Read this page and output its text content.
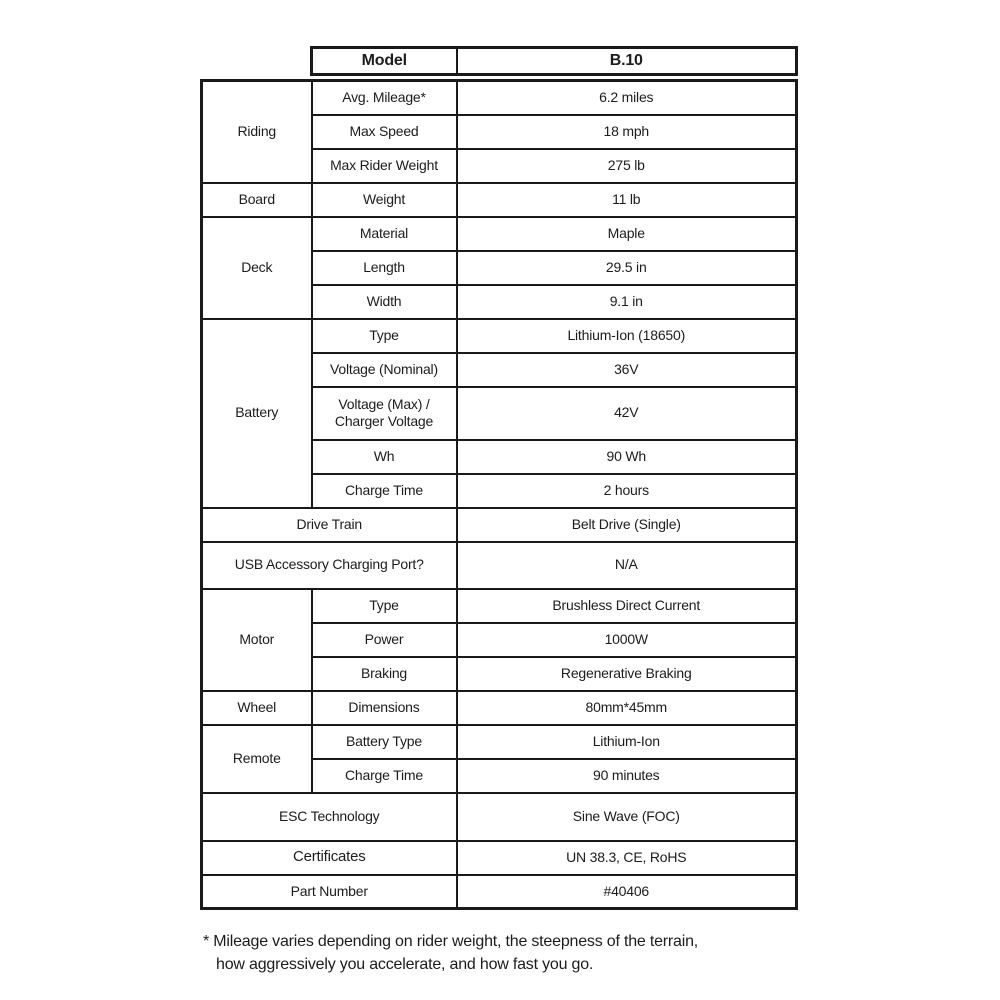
Model	B.10
Riding	Avg. Mileage*	6.2 miles
	Max Speed	18 mph
	Max Rider Weight	275 lb
Board	Weight	11 lb
Deck	Material	Maple
	Length	29.5 in
	Width	9.1 in
Battery	Type	Lithium-Ion (18650)
	Voltage (Nominal)	36V
	Voltage (Max) / Charger Voltage	42V
	Wh	90 Wh
	Charge Time	2 hours
Drive Train		Belt Drive (Single)
USB Accessory Charging Port?		N/A
Motor	Type	Brushless Direct Current
	Power	1000W
	Braking	Regenerative Braking
Wheel	Dimensions	80mm*45mm
Remote	Battery Type	Lithium-Ion
	Charge Time	90 minutes
ESC Technology		Sine Wave (FOC)
Certificates		UN 38.3, CE, RoHS
Part Number		#40406
* Mileage varies depending on rider weight, the steepness of the terrain,
how aggressively you accelerate, and how fast you go.
